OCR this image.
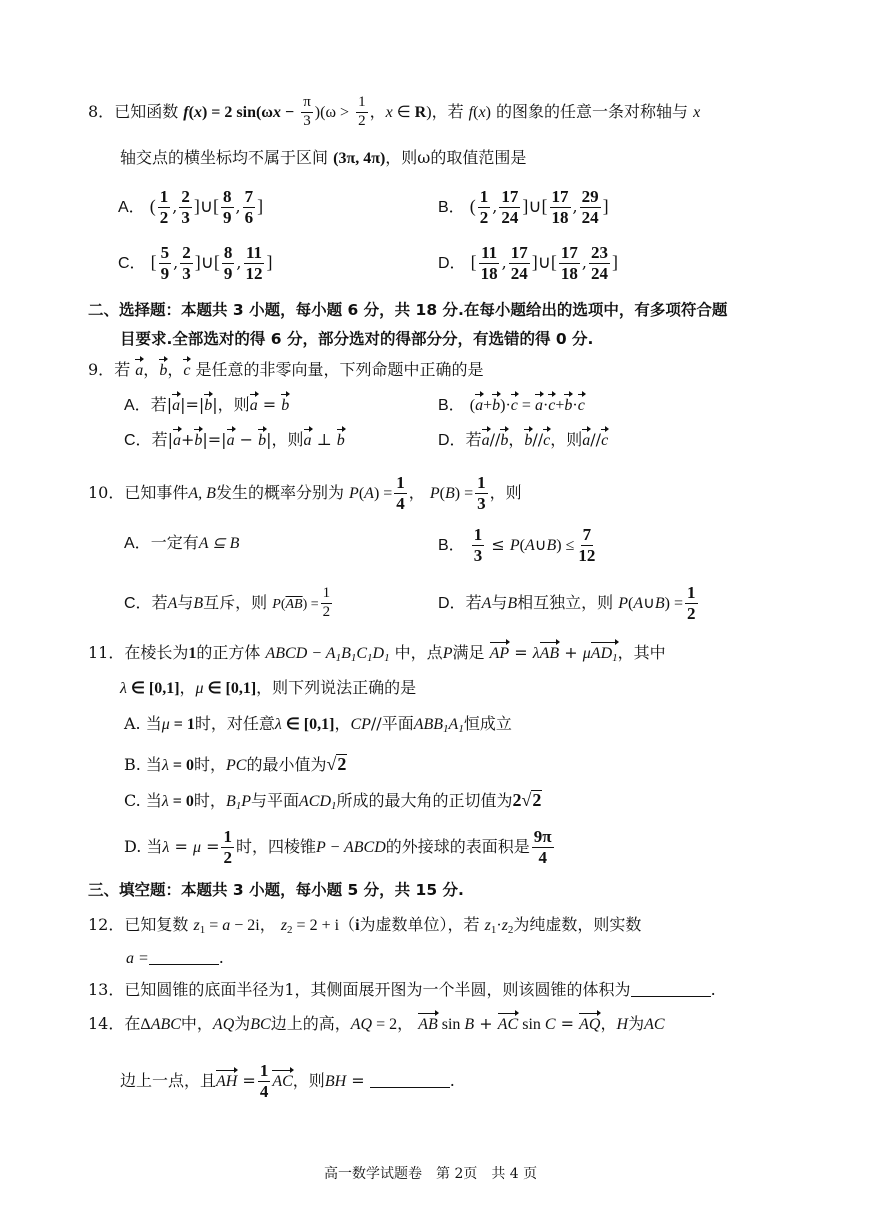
8．已知函数 f(x) = 2 $\sin(\omega x - \frac{\pi}{3} )(\omega > \frac{1}{2}$ ，x ∈ R)，若 f(x) 的图象的任意一条对称轴与 x
轴交点的横坐标均不属于区间 (3π, 4π)，则ω的取值范围是
A． ( $\frac{1}{2}$ , $\frac{2}{3}$ ]∪[ $\frac{8}{9}$ , $\frac{7}{6}$ ]	B． ( $\frac{1}{2}$ , $\frac{17}{24}$ ]∪[ $\frac{17}{18}$ , $\frac{29}{24}$ ]
C． [ $\frac{5}{9}$ , $\frac{2}{3}$ ]∪[ $\frac{8}{9}$ , $\frac{11}{12}$ ]	D． [ $\frac{11}{18}$ , $\frac{17}{24}$ ]∪[ $\frac{17}{18}$ , $\frac{23}{24}$ ]
二、选择题：本题共 3 小题，每小题 6 分，共 18 分.在每小题给出的选项中，有多项符合题
目要求.全部选对的得 6 分，部分选对的得部分分，有选错的得 0 分.
9．若 a，b，c 是任意的非零向量，下列命题中正确的是
A．若|a|=|b|，则a = b	B． (a+b)·c = a·c+b·c
C．若|a+b|=|a − b|，则a ⊥ b	D．若a//b，b//c，则a//c
10．已知事件A, B发生的概率分别为 $P(A) = \frac{1}{4}$ ， $P(B) = \frac{1}{3}$ ，则
A．一定有A ⊆ B	B． $\frac{1}{3}$ ≤ P(A∪B) ≤ $\frac{7}{12}$
C．若A与B互斥，则 $P(\overline{AB}) = \frac{1}{2}$	D．若A与B相互独立，则 P(A∪B) = $\frac{1}{2}$
11．在棱长为1的正方体 ABCD − $A_1B_1C_1D_1$ 中，点P满足 AP = λAB + μAD$_1$，其中
λ ∈ [0,1]，μ ∈ [0,1]，则下列说法正确的是
A. 当μ = 1时，对任意λ ∈ [0,1]，CP//平面$ABB_1A_1$恒成立
B. 当λ = 0时，PC的最小值为√2
C. 当λ = 0时，$B_1P$与平面$ACD_1$所成的最大角的正切值为2√2
D. 当$\lambda = \mu = \frac{1}{2}$ 时，四棱锥P − ABCD的外接球的表面积是 $\frac{9\pi}{4}$
三、填空题：本题共 3 小题，每小题 5 分，共 15 分.
12．已知复数 $z_1 = a - 2i$， $z_2 = 2 + i(i$为虚数单位），若 $z_1\cdot z_2$为纯虚数，则实数
a =	.
13．已知圆锥的底面半径为1，其侧面展开图为一个半圆，则该圆锥的体积为	.
14．在ΔABC中，AQ为BC边上的高，AQ = 2， AB sin B + AC sin C = AQ，H为AC
边上一点，且AH = $\frac{1}{4}$ AC，则BH =	.
高一数学试题卷　第 2页　共 4 页
